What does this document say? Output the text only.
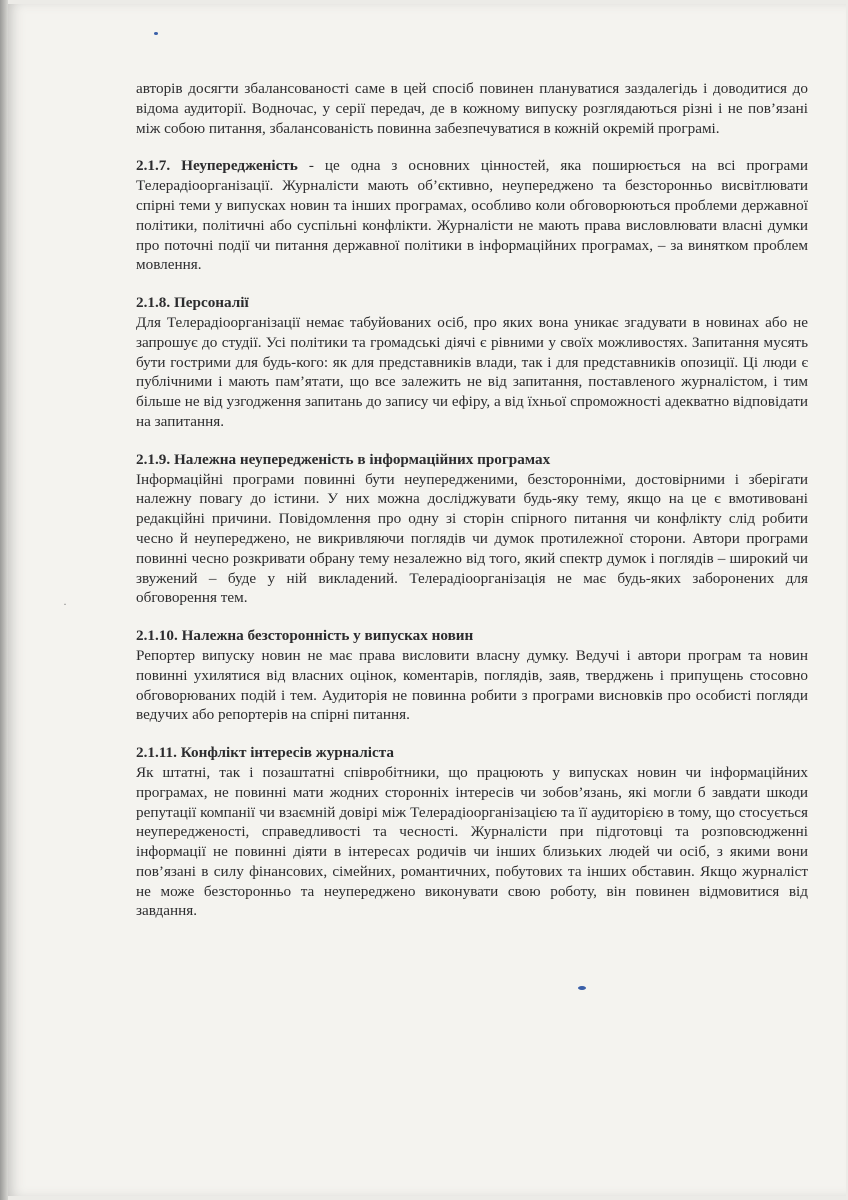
˙

авторів досягти збалансованості саме в цей спосіб повинен плануватися заздалегідь і доводитися до відома аудиторії. Водночас, у серії передач, де в кожному випуску розглядаються різні і не пов’язані між собою питання, збалансованість повинна забезпечуватися в кожній окремій програмі.

2.1.7. Неупередженість - це одна з основних цінностей, яка поширюється на всі програми Телерадіоорганізації. Журналісти мають об’єктивно, неупереджено та безсторонньо висвітлювати спірні теми у випусках новин та інших програмах, особливо коли обговорюються проблеми державної політики, політичні або суспільні конфлікти. Журналісти не мають права висловлювати власні думки про поточні події чи питання державної політики в інформаційних програмах, – за винятком проблем мовлення.

2.1.8. Персоналії

Для Телерадіоорганізації немає табуйованих осіб, про яких вона уникає згадувати в новинах або не запрошує до студії. Усі політики та громадські діячі є рівними у своїх можливостях. Запитання мусять бути гострими для будь-кого: як для представників влади, так і для представників опозиції. Ці люди є публічними і мають пам’ятати, що все залежить не від запитання, поставленого журналістом, і тим більше не від узгодження запитань до запису чи ефіру, а від їхньої спроможності адекватно відповідати на запитання.

2.1.9. Належна неупередженість в інформаційних програмах

Інформаційні програми повинні бути неупередженими, безсторонніми, достовірними і зберігати належну повагу до істини. У них можна досліджувати будь-яку тему, якщо на це є вмотивовані редакційні причини. Повідомлення про одну зі сторін спірного питання чи конфлікту слід робити чесно й неупереджено, не викривляючи поглядів чи думок протилежної сторони. Автори програми повинні чесно розкривати обрану тему незалежно від того, який спектр думок і поглядів – широкий чи звужений – буде у ній викладений. Телерадіоорганізація не має будь-яких заборонених для обговорення тем.

2.1.10. Належна безсторонність у випусках новин

Репортер випуску новин не має права висловити власну думку. Ведучі і автори програм та новин повинні ухилятися від власних оцінок, коментарів, поглядів, заяв, тверджень і припущень стосовно обговорюваних подій і тем. Аудиторія не повинна робити з програми висновків про особисті погляди ведучих або репортерів на спірні питання.

2.1.11. Конфлікт інтересів журналіста

Як штатні, так і позаштатні співробітники, що працюють у випусках новин чи інформаційних програмах, не повинні мати жодних сторонніх інтересів чи зобов’язань, які могли б завдати шкоди репутації компанії чи взаємній довірі між Телерадіоорганізацією та її аудиторією в тому, що стосується неупередженості, справедливості та чесності. Журналісти при підготовці та розповсюдженні інформації не повинні діяти в інтересах родичів чи інших близьких людей чи осіб, з якими вони пов’язані в силу фінансових, сімейних, романтичних, побутових та інших обставин. Якщо журналіст не може безсторонньо та неупереджено виконувати свою роботу, він повинен відмовитися від завдання.
